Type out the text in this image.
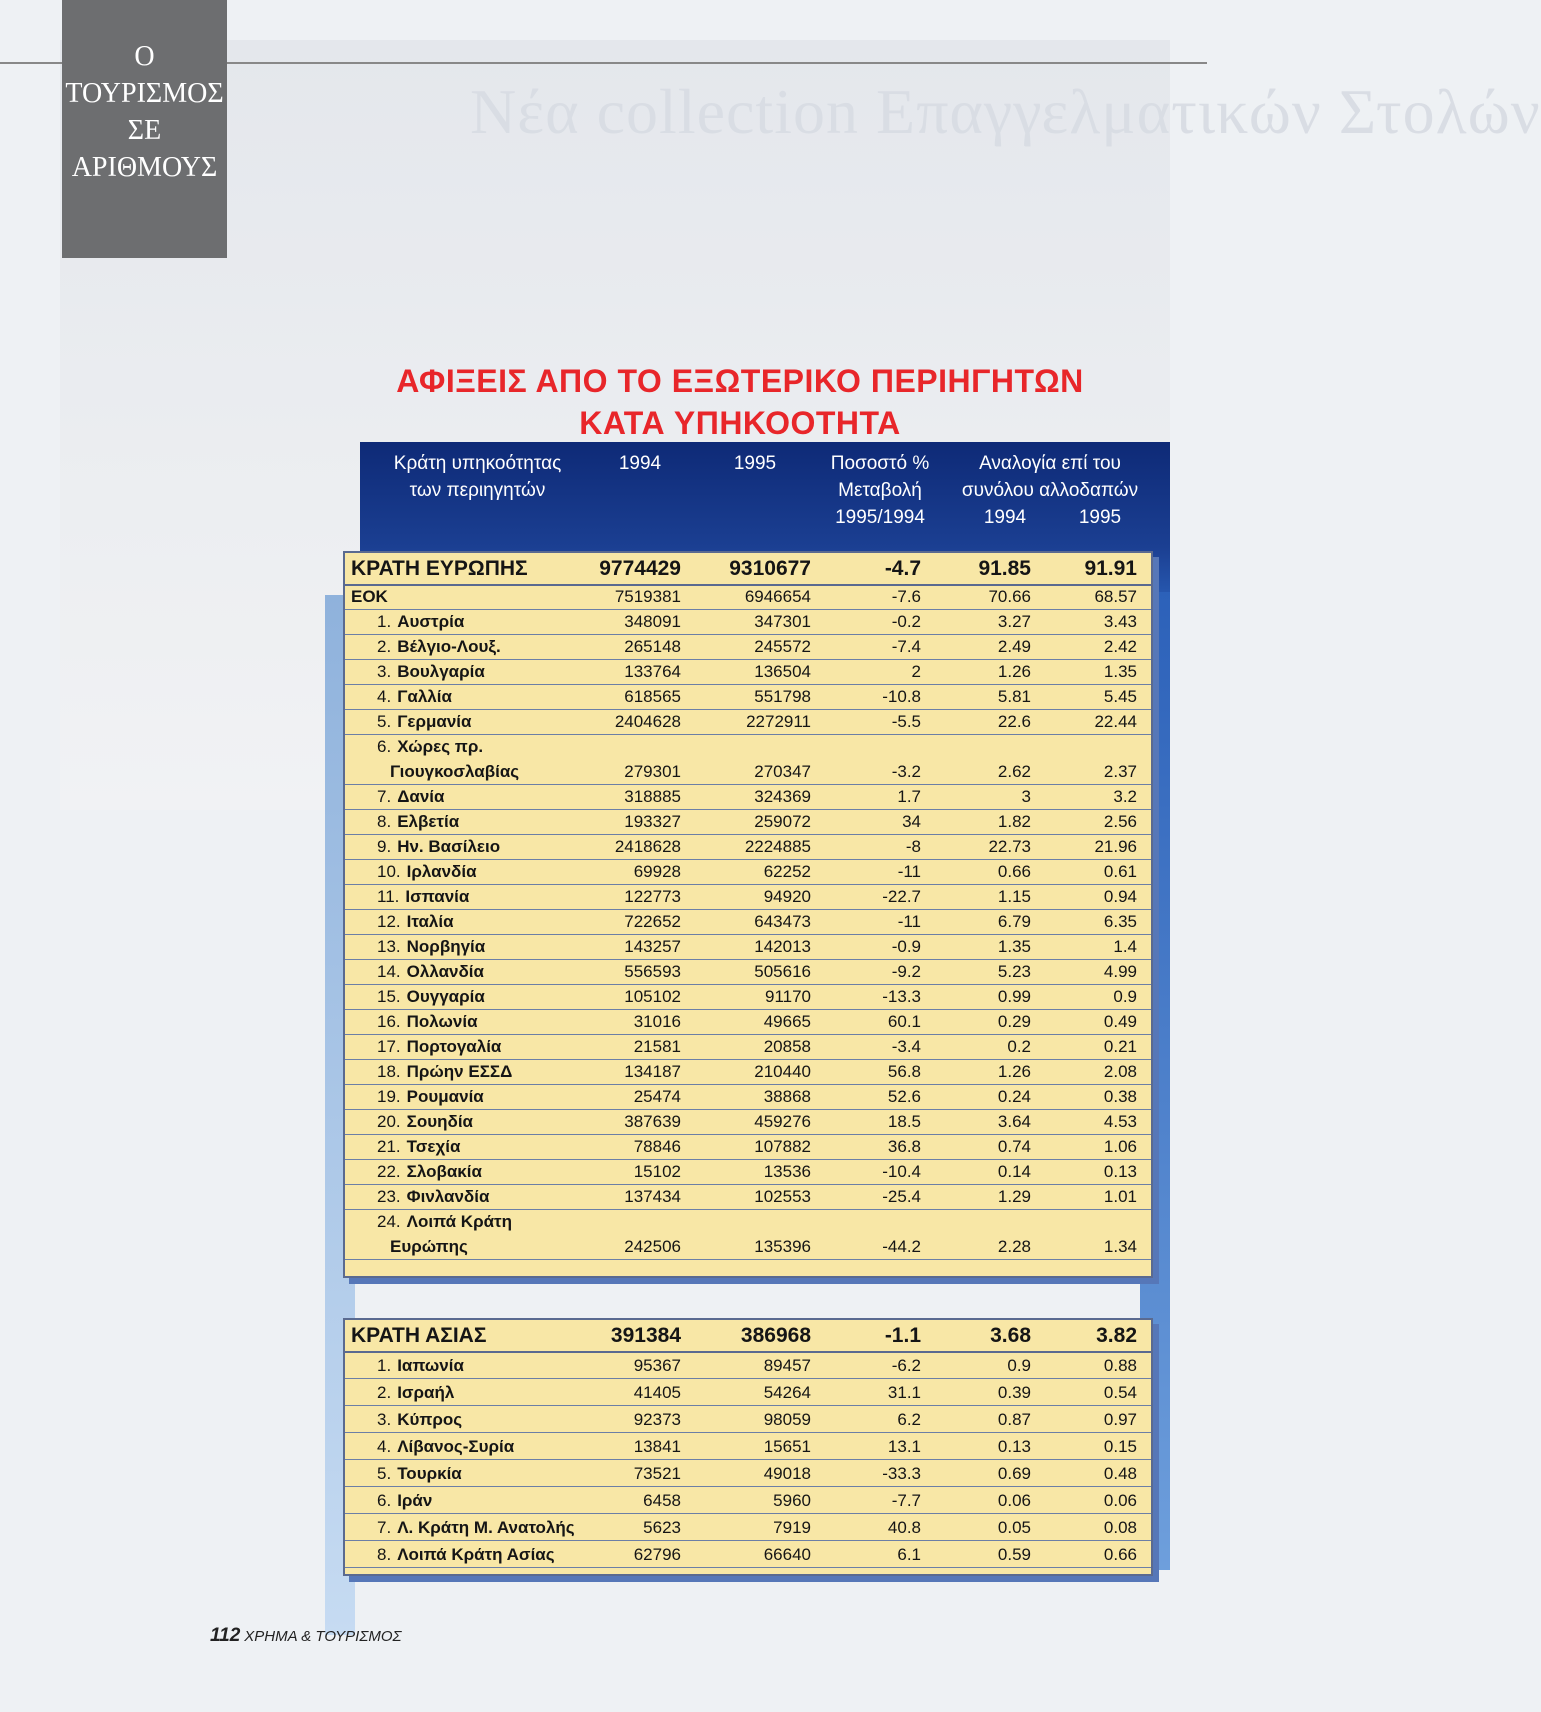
Νέα collection Επαγγελματικών Στολών
Ο
ΤΟΥΡΙΣΜΟΣ
ΣΕ
ΑΡΙΘΜΟΥΣ
ΑΦΙΞΕΙΣ ΑΠΟ ΤΟ ΕΞΩΤΕΡΙΚΟ ΠΕΡΙΗΓΗΤΩΝ
ΚΑΤΑ ΥΠΗΚΟΟΤΗΤΑ
Κράτη υπηκοότητας
των περιηγητών
1994	1995	Ποσοστό %
Μεταβολή
1995/1994
Αναλογία επί του
συνόλου αλλοδαπών
1994	1995
ΚΡΑΤΗ ΕΥΡΩΠΗΣ	9774429	9310677	-4.7	91.85	91.91
ΕΟΚ	7519381	6946654	-7.6	70.66	68.57
1. Αυστρία	348091	347301	-0.2	3.27	3.43
2. Βέλγιο-Λουξ.	265148	245572	-7.4	2.49	2.42
3. Βουλγαρία	133764	136504	2	1.26	1.35
4. Γαλλία	618565	551798	-10.8	5.81	5.45
5. Γερμανία	2404628	2272911	-5.5	22.6	22.44
6. Χώρες πρ.
Γιουγκοσλαβίας	279301	270347	-3.2	2.62	2.37
7. Δανία	318885	324369	1.7	3	3.2
8. Ελβετία	193327	259072	34	1.82	2.56
9. Ην. Βασίλειο	2418628	2224885	-8	22.73	21.96
10. Ιρλανδία	69928	62252	-11	0.66	0.61
11. Ισπανία	122773	94920	-22.7	1.15	0.94
12. Ιταλία	722652	643473	-11	6.79	6.35
13. Νορβηγία	143257	142013	-0.9	1.35	1.4
14. Ολλανδία	556593	505616	-9.2	5.23	4.99
15. Ουγγαρία	105102	91170	-13.3	0.99	0.9
16. Πολωνία	31016	49665	60.1	0.29	0.49
17. Πορτογαλία	21581	20858	-3.4	0.2	0.21
18. Πρώην ΕΣΣΔ	134187	210440	56.8	1.26	2.08
19. Ρουμανία	25474	38868	52.6	0.24	0.38
20. Σουηδία	387639	459276	18.5	3.64	4.53
21. Τσεχία	78846	107882	36.8	0.74	1.06
22. Σλοβακία	15102	13536	-10.4	0.14	0.13
23. Φινλανδία	137434	102553	-25.4	1.29	1.01
24. Λοιπά Κράτη
Ευρώπης	242506	135396	-44.2	2.28	1.34
ΚΡΑΤΗ ΑΣΙΑΣ	391384	386968	-1.1	3.68	3.82
1. Ιαπωνία	95367	89457	-6.2	0.9	0.88
2. Ισραήλ	41405	54264	31.1	0.39	0.54
3. Κύπρος	92373	98059	6.2	0.87	0.97
4. Λίβανος-Συρία	13841	15651	13.1	0.13	0.15
5. Τουρκία	73521	49018	-33.3	0.69	0.48
6. Ιράν	6458	5960	-7.7	0.06	0.06
7. Λ. Κράτη Μ. Ανατολής	5623	7919	40.8	0.05	0.08
8. Λοιπά Κράτη Ασίας	62796	66640	6.1	0.59	0.66
112 ΧΡΗΜΑ & ΤΟΥΡΙΣΜΟΣ
